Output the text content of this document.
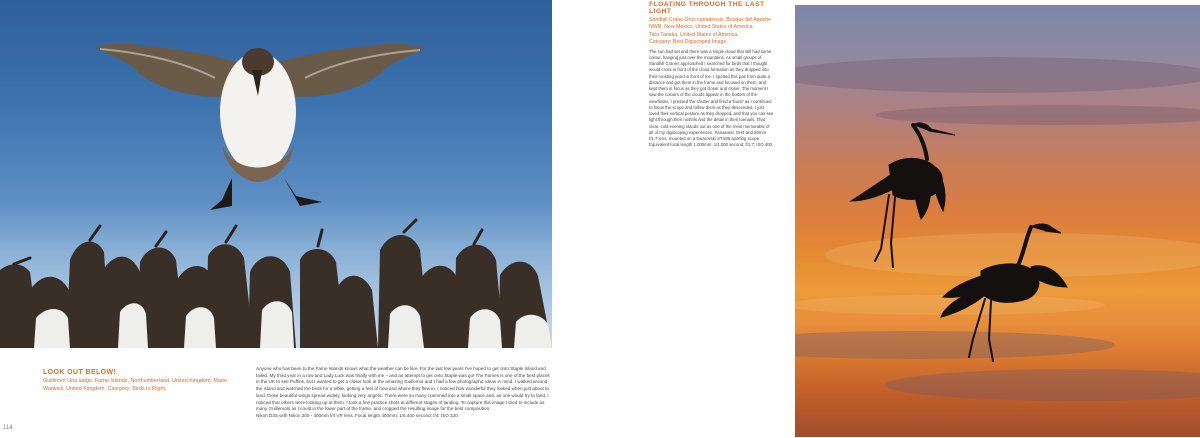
LOOK OUT BELOW!

Guillemot Uria aalge. Farne Islands, Northumberland, United Kingdom. Marie Warwick, United Kingdom. Category: Birds in Flight.

Anyone who has been to the Farne Islands knows what the weather can be like. For the last few years I've hoped to get onto Staple Island and failed. My third year in a row and Lady Luck was finally with me – and an attempt to get onto Staple was go! The Farnes is one of the best places in the UK to see Puffins, but I wanted to get a closer look at the amazing Guillemot and I had a few photographic ideas in mind. I walked around the island and watched the birds for a while, getting a feel of how and where they flew in. I noticed how wonderful they looked when just about to land, those beautiful wings spread widely, looking very angelic. There were so many crammed into a small space and, as one would try to land, I noticed that others were looking up at them. I took a few practice shots at different stages of landing. To capture this image I tried to include as many Guillemots as I could in the lower part of the frame, and cropped the resulting image for the best composition.

Nikon D3S with Nikon 200 - 400mm f/4 VR lens. Focal length 400mm; 1/6,400 second; f/4; ISO 320.

114

FLOATING THROUGH THE LAST LIGHT

Sandhill Crane Grus canadensis. Bosque del Apache
NWR, New Mexico, United States of America.
Tara Tanaka, United States of America.
Category: Best Digiscoped Image.

The sun had set and there was a single cloud that still had some colour, hanging just over the mountains. As small groups of Sandhill Cranes approached I searched for birds that I thought would cross in front of the cloud formation as they dropped into their roosting pond in front of me. I spotted this pair from quite a distance and got them in the frame and focused on them, and kept them in focus as they got closer and closer. The moment I saw the colours of the clouds appear in the bottom of the viewfinder, I pressed the shutter and fired a 'burst' as I continued to focus the scope and follow them as they descended. I just loved their vertical posture as they dropped, and that you can see light through their nostrils and the detail in their toenails. That clear, cold evening stands out as one of the most memorable of all of my digiscoping experiences. Panasonic GH4 and 20mm f/1.7 lens, mounted on a Swarovski STX85 spotting scope. Equivalent focal length 1,000mm; 1/1,000 second; f/1.7; ISO 400.
